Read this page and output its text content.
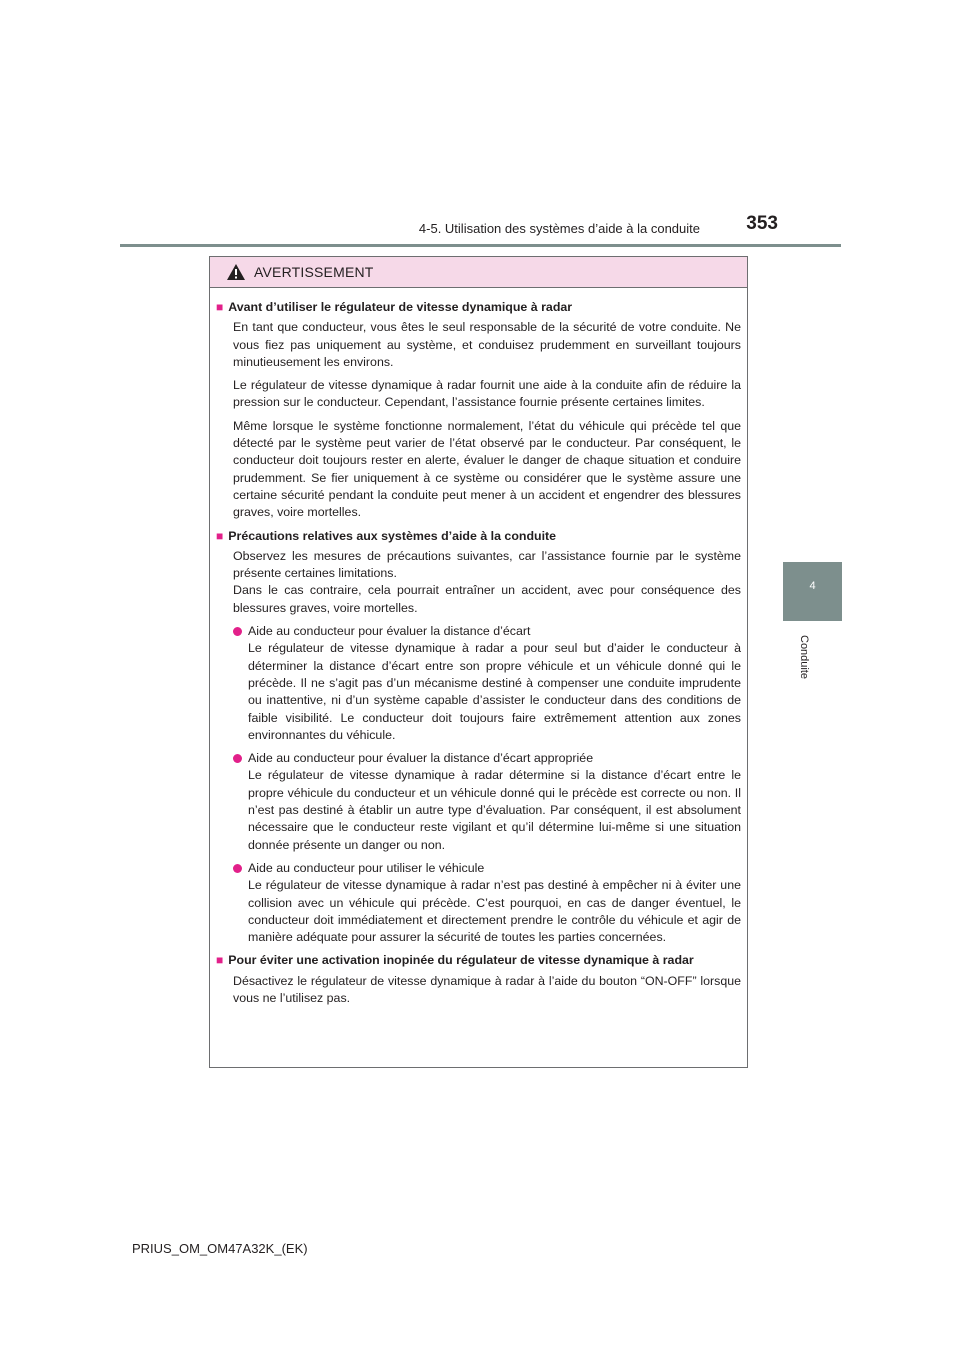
4-5. Utilisation des systèmes d’aide à la conduite	353
4
Conduite
AVERTISSEMENT
■ Avant d’utiliser le régulateur de vitesse dynamique à radar

En tant que conducteur, vous êtes le seul responsable de la sécurité de votre conduite. Ne vous fiez pas uniquement au système, et conduisez prudemment en surveillant toujours minutieusement les environs.

Le régulateur de vitesse dynamique à radar fournit une aide à la conduite afin de réduire la pression sur le conducteur. Cependant, l’assistance fournie présente certaines limites.

Même lorsque le système fonctionne normalement, l’état du véhicule qui précède tel que détecté par le système peut varier de l’état observé par le conducteur. Par conséquent, le conducteur doit toujours rester en alerte, évaluer le danger de chaque situation et conduire prudemment. Se fier uniquement à ce système ou considérer que le système assure une certaine sécurité pendant la conduite peut mener à un accident et engendrer des blessures graves, voire mortelles.

■ Précautions relatives aux systèmes d’aide à la conduite

Observez les mesures de précautions suivantes, car l’assistance fournie par le système présente certaines limitations.

Dans le cas contraire, cela pourrait entraîner un accident, avec pour conséquence des blessures graves, voire mortelles.

Aide au conducteur pour évaluer la distance d’écart
Le régulateur de vitesse dynamique à radar a pour seul but d’aider le conducteur à déterminer la distance d’écart entre son propre véhicule et un véhicule donné qui le précède. Il ne s’agit pas d’un mécanisme destiné à compenser une conduite imprudente ou inattentive, ni d’un système capable d’assister le conducteur dans des conditions de faible visibilité. Le conducteur doit toujours faire extrêmement attention aux zones environnantes du véhicule.
Aide au conducteur pour évaluer la distance d’écart appropriée
Le régulateur de vitesse dynamique à radar détermine si la distance d’écart entre le propre véhicule du conducteur et un véhicule donné qui le précède est correcte ou non. Il n’est pas destiné à établir un autre type d’évaluation. Par conséquent, il est absolument nécessaire que le conducteur reste vigilant et qu’il détermine lui-même si une situation donnée présente un danger ou non.
Aide au conducteur pour utiliser le véhicule
Le régulateur de vitesse dynamique à radar n’est pas destiné à empêcher ni à éviter une collision avec un véhicule qui précède. C’est pourquoi, en cas de danger éventuel, le conducteur doit immédiatement et directement prendre le contrôle du véhicule et agir de manière adéquate pour assurer la sécurité de toutes les parties concernées.
■ Pour éviter une activation inopinée du régulateur de vitesse dynamique à radar

Désactivez le régulateur de vitesse dynamique à radar à l’aide du bouton “ON-OFF” lorsque vous ne l’utilisez pas.

PRIUS_OM_OM47A32K_(EK)
